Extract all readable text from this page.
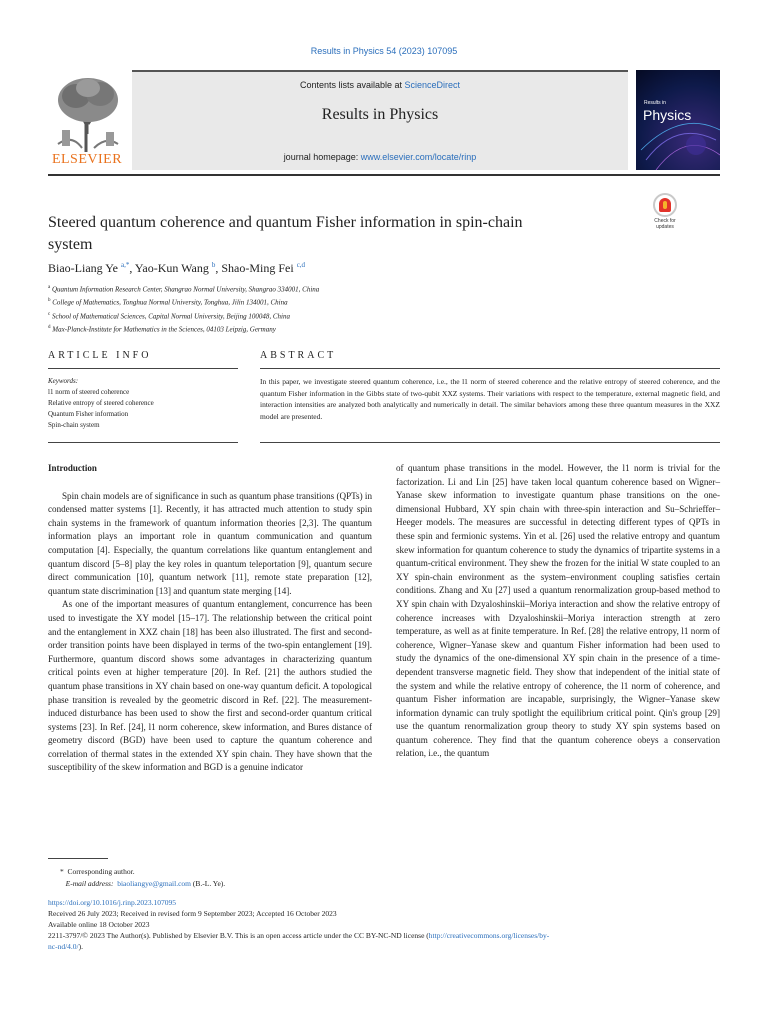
Results in Physics 54 (2023) 107095
ELSEVIER
Contents lists available at ScienceDirect
Results in Physics
journal homepage: www.elsevier.com/locate/rinp
Results in
Physics
Steered quantum coherence and quantum Fisher information in spin-chain
system
Check for
updates
Biao-Liang Ye $^{a,*}$, Yao-Kun Wang $^b$, Shao-Ming Fei $^{c,d}$
$^a$ Quantum Information Research Center, Shangrao Normal University, Shangrao 334001, China
$^b$ College of Mathematics, Tonghua Normal University, Tonghua, Jilin 134001, China
$^c$ School of Mathematical Sciences, Capital Normal University, Beijing 100048, China
$^d$ Max-Planck-Institute for Mathematics in the Sciences, 04103 Leipzig, Germany
ARTICLE INFO	ABSTRACT
Keywords:
l1 norm of steered coherence
Relative entropy of steered coherence
Quantum Fisher information
Spin-chain system
In this paper, we investigate steered quantum coherence, i.e., the l1 norm of steered coherence and the relative entropy of steered coherence, and the quantum Fisher information in the Gibbs state of two-qubit XXZ systems. Their variations with respect to the temperature, external magnetic field, and interaction intensities are analyzed both analytically and numerically in detail. The similar behaviors among these three quantum measures in the XXZ model are presented.
Introduction

Spin chain models are of significance in such as quantum phase transitions (QPTs) in condensed matter systems [1]. Recently, it has attracted much attention to study spin chain systems in the framework of quantum information theories [2,3]. The quantum information plays an important role in quantum communication and quantum computation [4]. Especially, the quantum correlations like quantum entanglement and quantum discord [5–8] play the key roles in quantum teleportation [9], quantum secure direct communication [10], quantum network [11], remote state preparation [12], quantum state discrimination [13] and quantum state merging [14].

As one of the important measures of quantum entanglement, concurrence has been used to investigate the XY model [15–17]. The relationship between the critical point and the entanglement in XXZ chain [18] has been also illustrated. The first and second-order transition points have been displayed in terms of the two-spin entanglement [19]. Furthermore, quantum discord shows some advantages in characterizing quantum critical points even at higher temperature [20]. In Ref. [21] the authors studied the quantum phase transitions in XY chain based on one-way quantum deficit. A topological phase transition is revealed by the geometric discord in Ref. [22]. The measurement-induced disturbance has been used to show the first and second-order quantum critical systems [23]. In Ref. [24], l1 norm coherence, skew information, and Bures distance of geometry discord (BGD) have been used to capture the quantum coherence and correlation of thermal states in the extended XY spin chain. They have shown that the susceptibility of the skew information and BGD is a genuine indicator

of quantum phase transitions in the model. However, the l1 norm is trivial for the factorization. Li and Lin [25] have taken local quantum coherence based on Wigner–Yanase skew information to investigate quantum phase transitions on the one-dimensional Hubbard, XY spin chain with three-spin interaction and Su–Schrieffer–Heeger models. The measures are successful in detecting different types of QPTs in these spin and fermionic systems. Yin et al. [26] used the relative entropy and quantum skew information for quantum coherence to study the dynamics of tripartite systems in a quantum-critical environment. They shew the frozen for the initial W state coupled to an XY spin-chain environment as the system–environment coupling satisfies certain conditions. Zhang and Xu [27] used a quantum renormalization group-based method to XY spin chain with Dzyaloshinskii–Moriya interaction and show the relative entropy of coherence increases with Dzyaloshinskii–Moriya interaction strength at zero temperature, as well as at finite temperature. In Ref. [28] the relative entropy, l1 norm of coherence, Wigner–Yanase skew and quantum Fisher information had been used to study the dynamics of the one-dimensional XY spin chain in the presence of a time-dependent transverse magnetic field. They show that independent of the initial state of the system and while the relative entropy of coherence, the l1 norm of coherence, and quantum Fisher information are incapable, surprisingly, the Wigner–Yanase skew information dynamic can truly spotlight the equilibrium critical point. Qin's group [29] use the quantum renormalization group theory to study XY spin systems based on quantum coherence. They find that the quantum coherence obeys a conservation relation, i.e., the quantum

* Corresponding author.
E-mail address: biaoliangye@gmail.com (B.-L. Ye).
https://doi.org/10.1016/j.rinp.2023.107095
Received 26 July 2023; Received in revised form 9 September 2023; Accepted 16 October 2023
Available online 18 October 2023
2211-3797/© 2023 The Author(s). Published by Elsevier B.V. This is an open access article under the CC BY-NC-ND license (http://creativecommons.org/licenses/by-
nc-nd/4.0/).
